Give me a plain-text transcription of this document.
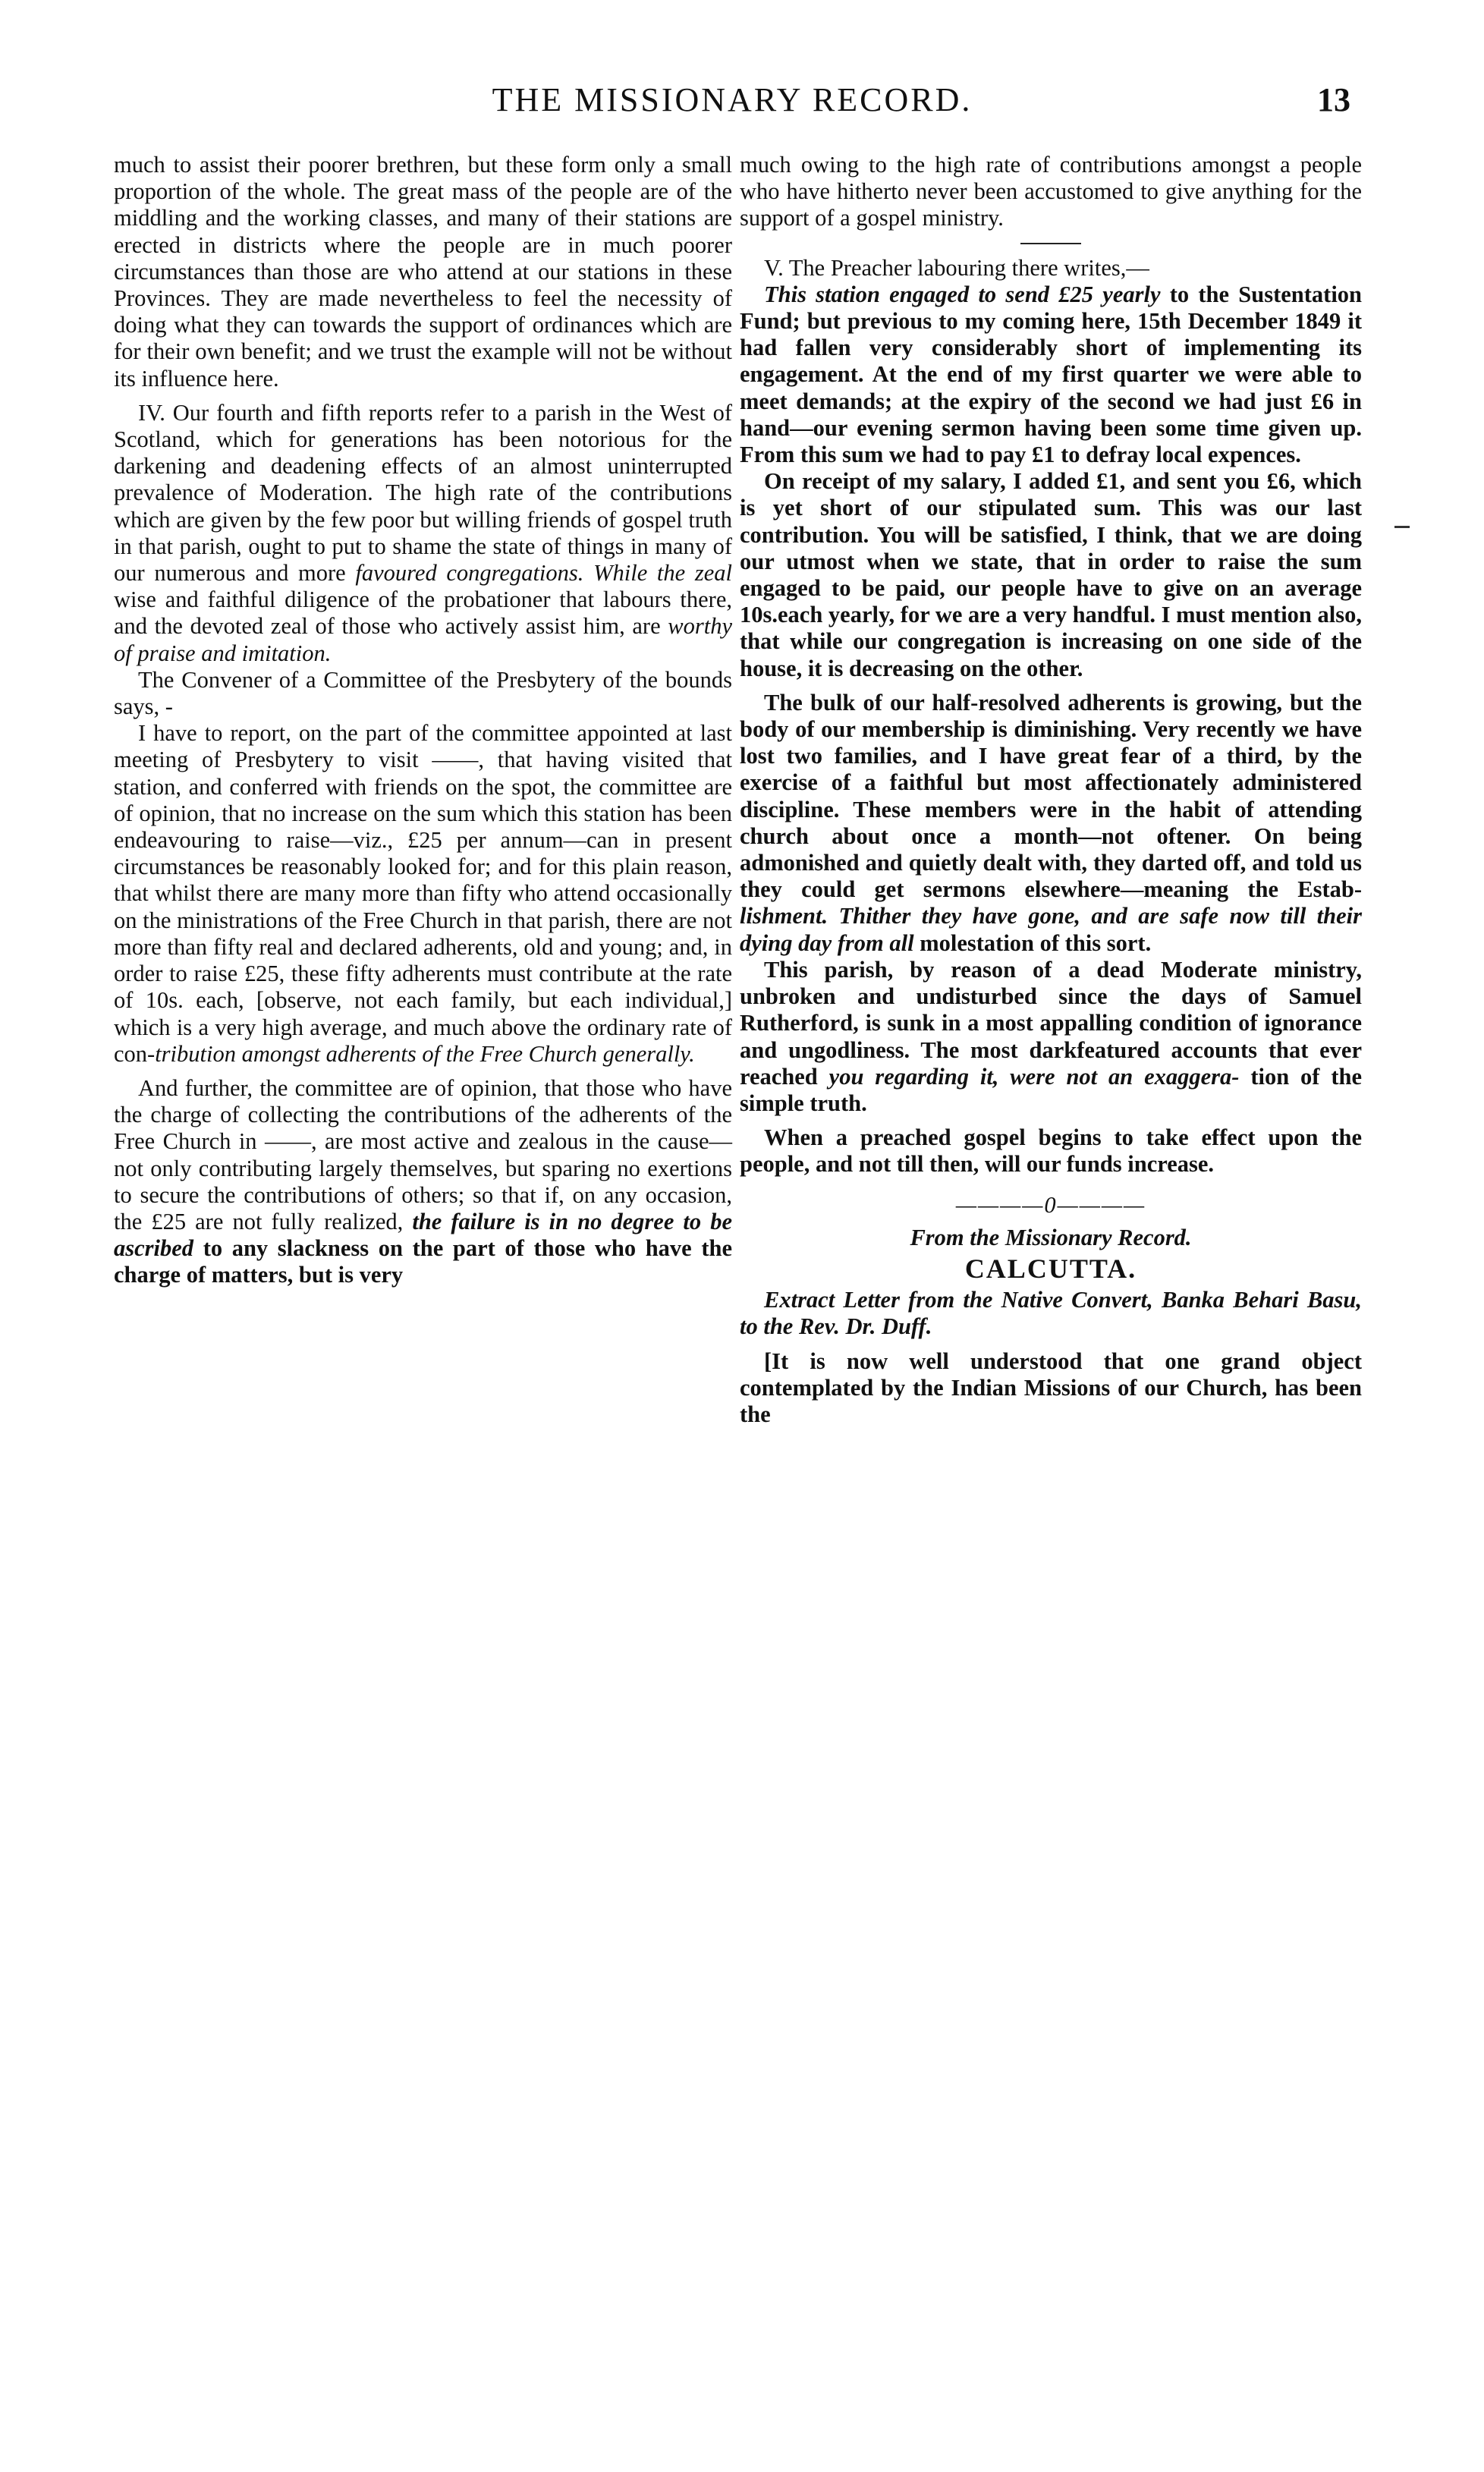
THE MISSIONARY RECORD.	13

much to assist their poorer brethren, but these form only a small proportion of the whole. The great mass of the people are of the middling and the working classes, and many of their stations are erected in districts where the people are in much poorer circumstances than those are who attend at our stations in these Provinces. They are made nevertheless to feel the necessity of doing what they can towards the support of ordinances which are for their own benefit; and we trust the example will not be without its influence here.

IV. Our fourth and fifth reports refer to a parish in the West of Scotland, which for generations has been notorious for the darkening and deadening effects of an almost uninterrupted prevalence of Moderation. The high rate of the contributions which are given by the few poor but willing friends of gospel truth in that parish, ought to put to shame the state of things in many of our numerous and more favoured congregations. While the zeal wise and faithful diligence of the probationer that labours there, and the devoted zeal of those who actively assist him, are worthy of praise and imitation.

The Convener of a Committee of the Presbytery of the bounds says, -

I have to report, on the part of the committee appointed at last meeting of Presbytery to visit ——, that having visited that station, and conferred with friends on the spot, the committee are of opinion, that no increase on the sum which this station has been endeavouring to raise—viz., £25 per annum—can in present circumstances be reasonably looked for; and for this plain reason, that whilst there are many more than fifty who attend occasionally on the ministrations of the Free Church in that parish, there are not more than fifty real and declared adherents, old and young; and, in order to raise £25, these fifty adherents must contribute at the rate of 10s. each, [observe, not each family, but each individual,] which is a very high average, and much above the ordinary rate of con-tribution amongst adherents of the Free Church generally.

And further, the committee are of opinion, that those who have the charge of collecting the contributions of the adherents of the Free Church in ——, are most active and zealous in the cause—not only contributing largely themselves, but sparing no exertions to secure the contributions of others; so that if, on any occasion, the £25 are not fully realized, the failure is in no degree to be ascribed to any slackness on the part of those who have the charge of matters, but is very

much owing to the high rate of contributions amongst a people who have hitherto never been accustomed to give anything for the support of a gospel ministry.

V. The Preacher labouring there writes,—

This station engaged to send £25 yearly to the Sustentation Fund; but previous to my coming here, 15th December 1849 it had fallen very considerably short of implementing its engagement. At the end of my first quarter we were able to meet demands; at the expiry of the second we had just £6 in hand—our evening sermon having been some time given up. From this sum we had to pay £1 to defray local expences.

On receipt of my salary, I added £1, and sent you £6, which is yet short of our stipulated sum. This was our last contribution. You will be satisfied, I think, that we are doing our utmost when we state, that in order to raise the sum engaged to be paid, our people have to give on an average 10s.each yearly, for we are a very handful. I must mention also, that while our congregation is increasing on one side of the house, it is decreasing on the other.

The bulk of our half-resolved adherents is growing, but the body of our membership is diminishing. Very recently we have lost two families, and I have great fear of a third, by the exercise of a faithful but most affectionately administered discipline. These members were in the habit of attending church about once a month—not oftener. On being admonished and quietly dealt with, they darted off, and told us they could get sermons elsewhere—meaning the Estab-lishment. Thither they have gone, and are safe now till their dying day from all molestation of this sort.

This parish, by reason of a dead Moderate ministry, unbroken and undisturbed since the days of Samuel Rutherford, is sunk in a most appalling condition of ignorance and ungodliness. The most darkfeatured accounts that ever reached you regarding it, were not an exaggera- tion of the simple truth.

When a preached gospel begins to take effect upon the people, and not till then, will our funds increase.

————0————
From the Missionary Record.
CALCUTTA.

Extract Letter from the Native Convert, Banka Behari Basu, to the Rev. Dr. Duff.

[It is now well understood that one grand object contemplated by the Indian Missions of our Church, has been the
